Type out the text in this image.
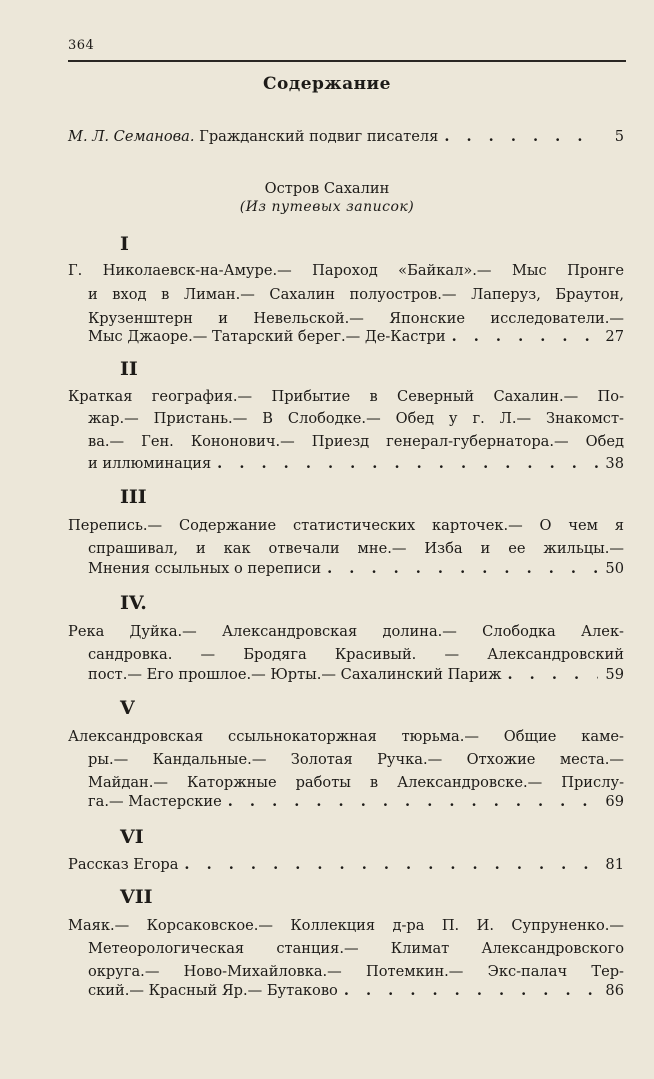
364
Содержание
М. Л. Семанова.
Гражданский подвиг писателя . . .	5
Остров Сахалин
(Из путевых записок)
I
Г. Николаевск-на-Амуре.— Пароход «Байкал».— Мыс Пронге
и вход в Лиман.— Сахалин полуостров.— Лаперуз, Браутон,
Крузенштерн и Невельской.— Японские исследователи.—
Мыс Джаоре.— Татарский берег.— Де-Кастри . . .	27
II
Краткая география.— Прибытие в Северный Сахалин.— По-
жар.— Пристань.— В Слободке.— Обед у г. Л.— Знакомст-
ва.— Ген. Кононович.— Приезд генерал-губернатора.— Обед
и иллюминация . . .	38
III
Перепись.— Содержание статистических карточек.— О чем я
спрашивал, и как отвечали мне.— Изба и ее жильцы.—
Мнения ссыльных о переписи . . .	50
IV.
Река Дуйка.— Александровская долина.— Слободка Алек-
сандровка. — Бродяга Красивый. — Александровский
пост.— Его прошлое.— Юрты.— Сахалинский Париж . . .	59
V
Александровская ссыльнокаторжная тюрьма.— Общие каме-
ры.— Кандальные.— Золотая Ручка.— Отхожие места.—
Майдан.— Каторжные работы в Александровске.— Прислу-
га.— Мастерские . . .	69
VI
Рассказ Егора . . .	81
VII
Маяк.— Корсаковское.— Коллекция д-ра П. И. Супруненко.—
Метеорологическая станция.— Климат Александровского
округа.— Ново-Михайловка.— Потемкин.— Экс-палач Тер-
ский.— Красный Яр.— Бутаково . . .	86
